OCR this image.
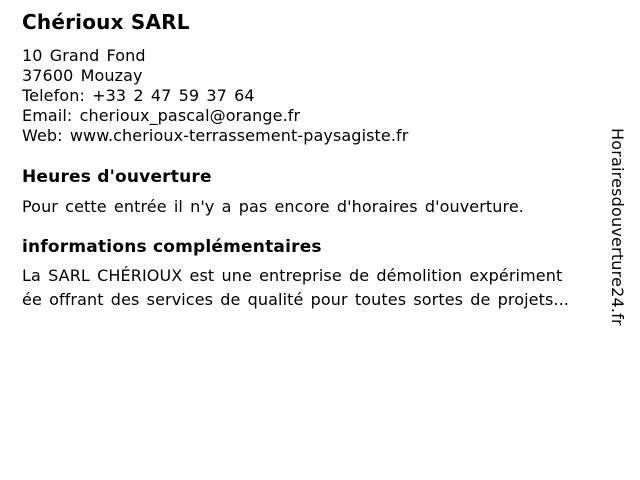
Chérioux SARL
10 Grand Fond
37600 Mouzay
Telefon: +33 2 47 59 37 64
Email: cherioux_pascal@orange.fr
Web: www.cherioux-terrassement-paysagiste.fr
Heures d'ouverture

Pour cette entrée il n'y a pas encore d'horaires d'ouverture.

informations complémentaires

La SARL CHÉRIOUX est une entreprise de démolition expériment
ée offrant des services de qualité pour toutes sortes de projets...	Horairesdouverture24.fr
